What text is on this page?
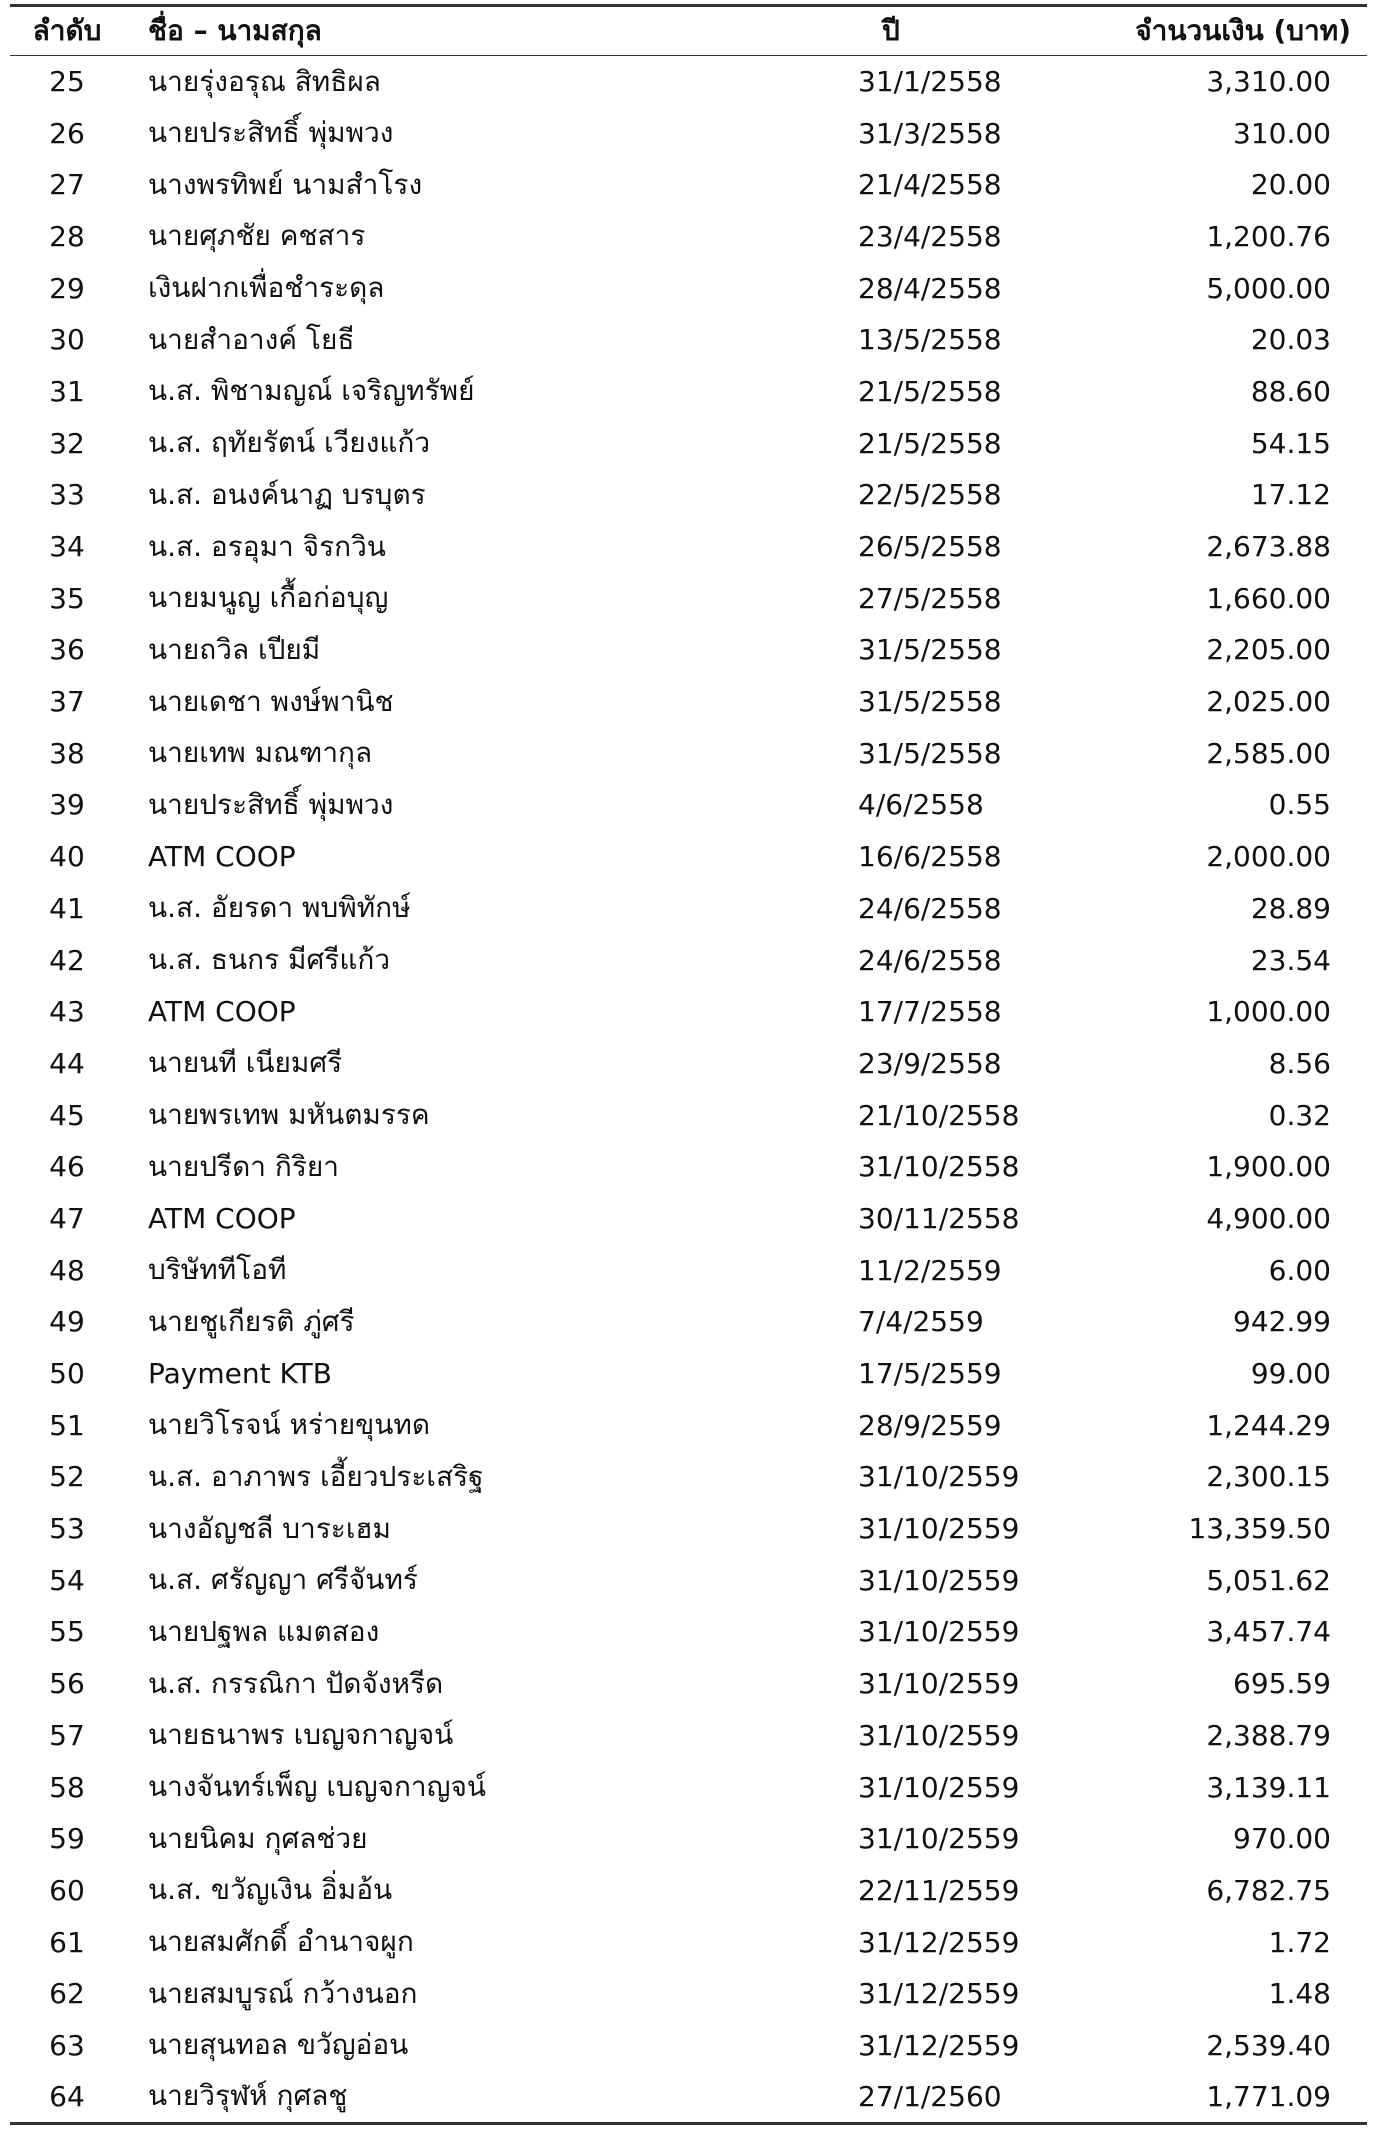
ลำดับ	ชื่อ – นามสกุล	ปี	จำนวนเงิน (บาท)
25	นายรุ่งอรุณ สิทธิผล	31/1/2558	3,310.00
26	นายประสิทธิ์ พุ่มพวง	31/3/2558	310.00
27	นางพรทิพย์ นามสำโรง	21/4/2558	20.00
28	นายศุภชัย คชสาร	23/4/2558	1,200.76
29	เงินฝากเพื่อชำระดุล	28/4/2558	5,000.00
30	นายสำอางค์ โยธี	13/5/2558	20.03
31	น.ส. พิชามญณ์ เจริญทรัพย์	21/5/2558	88.60
32	น.ส. ฤทัยรัตน์ เวียงแก้ว	21/5/2558	54.15
33	น.ส. อนงค์นาฏ บรบุตร	22/5/2558	17.12
34	น.ส. อรอุมา จิรกวิน	26/5/2558	2,673.88
35	นายมนูญ เกื้อก่อบุญ	27/5/2558	1,660.00
36	นายถวิล เปียมี	31/5/2558	2,205.00
37	นายเดชา พงษ์พานิช	31/5/2558	2,025.00
38	นายเทพ มณฑากุล	31/5/2558	2,585.00
39	นายประสิทธิ์ พุ่มพวง	4/6/2558	0.55
40	ATM COOP	16/6/2558	2,000.00
41	น.ส. อัยรดา พบพิทักษ์	24/6/2558	28.89
42	น.ส. ธนกร มีศรีแก้ว	24/6/2558	23.54
43	ATM COOP	17/7/2558	1,000.00
44	นายนที เนียมศรี	23/9/2558	8.56
45	นายพรเทพ มหันตมรรค	21/10/2558	0.32
46	นายปรีดา กิริยา	31/10/2558	1,900.00
47	ATM COOP	30/11/2558	4,900.00
48	บริษัททีโอที	11/2/2559	6.00
49	นายชูเกียรติ ภู่ศรี	7/4/2559	942.99
50	Payment KTB	17/5/2559	99.00
51	นายวิโรจน์ หร่ายขุนทด	28/9/2559	1,244.29
52	น.ส. อาภาพร เอี้ยวประเสริฐ	31/10/2559	2,300.15
53	นางอัญชลี บาระเฮม	31/10/2559	13,359.50
54	น.ส. ศรัญญา ศรีจันทร์	31/10/2559	5,051.62
55	นายปฐพล แมตสอง	31/10/2559	3,457.74
56	น.ส. กรรณิกา ปัดจังหรีด	31/10/2559	695.59
57	นายธนาพร เบญจกาญจน์	31/10/2559	2,388.79
58	นางจันทร์เพ็ญ เบญจกาญจน์	31/10/2559	3,139.11
59	นายนิคม กุศลช่วย	31/10/2559	970.00
60	น.ส. ขวัญเงิน อิ่มอ้น	22/11/2559	6,782.75
61	นายสมศักดิ์ อำนาจผูก	31/12/2559	1.72
62	นายสมบูรณ์ กว้างนอก	31/12/2559	1.48
63	นายสุนทอล ขวัญอ่อน	31/12/2559	2,539.40
64	นายวิรุฬห์ กุศลชู	27/1/2560	1,771.09
